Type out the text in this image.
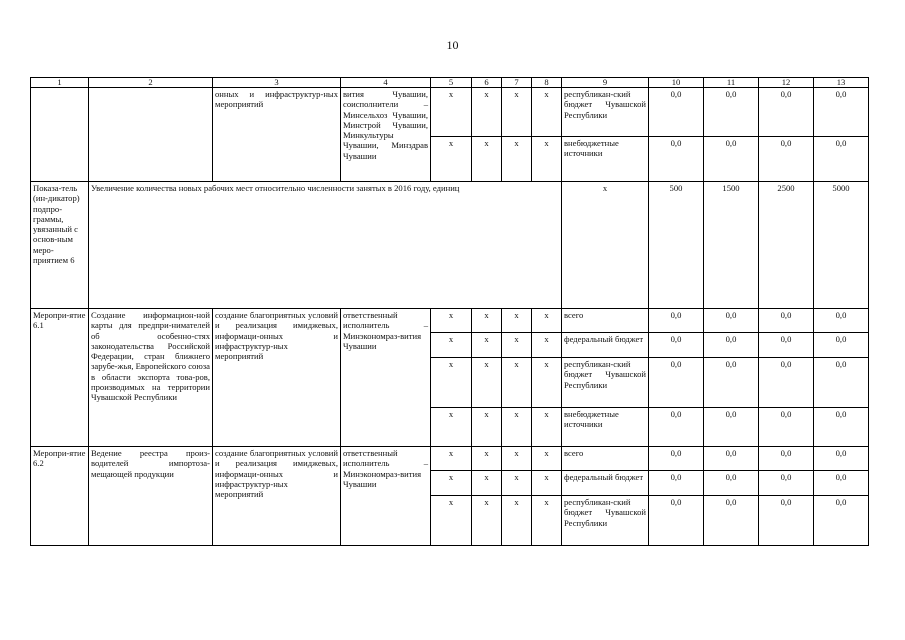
10
1	2	3	4	5	6	7	8	9	10	11	12	13
		онных и инфраструктур-ных мероприятий	вития Чувашии, соисполнители – Минсельхоз Чувашии, Минстрой Чувашии, Минкультуры Чувашии, Минздрав Чувашии	x	x	x	x	республикан-ский бюджет Чувашской Республики	0,0	0,0	0,0	0,0
				x	x	x	x	внебюджетные источники	0,0	0,0	0,0	0,0
Показа-тель (ин-дикатор) подпро-граммы, увязанный с основ-ным меро-приятием 6	Увеличение количества новых рабочих мест относительно численности занятых в 2016 году, единиц							x	500	1500	2500	5000
Меропри-ятие 6.1	Создание информацион-ной карты для предпри-нимателей об особенно-стях законодательства Российской Федерации, стран ближнего зарубе-жья, Европейского союза в области экспорта това-ров, производимых на территории Чувашской Республики	создание благоприятных условий и реализация имиджевых, информаци-онных и инфраструктур-ных мероприятий	ответственный исполнитель – Минэкономраз-вития Чувашии	x	x	x	x	всего	0,0	0,0	0,0	0,0
				x	x	x	x	федеральный бюджет	0,0	0,0	0,0	0,0
				x	x	x	x	республикан-ский бюджет Чувашской Республики	0,0	0,0	0,0	0,0
				x	x	x	x	внебюджетные источники	0,0	0,0	0,0	0,0
Меропри-ятие 6.2	Ведение реестра произ-водителей импортоза-мещающей продукции	создание благоприятных условий и реализация имиджевых, информаци-онных и инфраструктур-ных мероприятий	ответственный исполнитель – Минэкономраз-вития Чувашии	x	x	x	x	всего	0,0	0,0	0,0	0,0
				x	x	x	x	федеральный бюджет	0,0	0,0	0,0	0,0
				x	x	x	x	республикан-ский бюджет Чувашской Республики	0,0	0,0	0,0	0,0
